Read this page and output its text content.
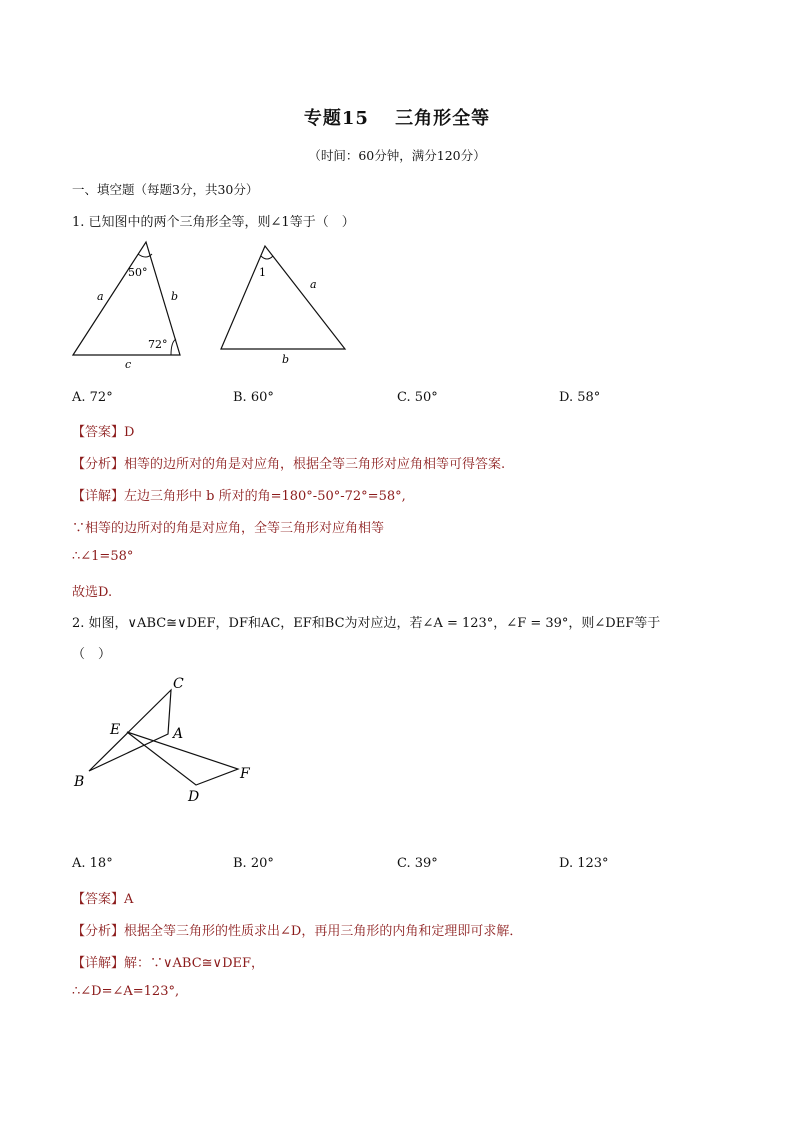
专题15　 三角形全等
（时间：60分钟，满分120分）
一、填空题（每题3分，共30分）
1. 已知图中的两个三角形全等，则∠1等于（　）
50°
72°
a	b
c
1
a
b
A. 72°	B. 60°	C. 50°	D. 58°
【答案】D
【分析】相等的边所对的角是对应角，根据全等三角形对应角相等可得答案.
【详解】左边三角形中 b 所对的角=180°-50°-72°=58°,
∵相等的边所对的角是对应角，全等三角形对应角相等
∴∠1=58°
故选D.
2. 如图，∨ABC≅∨DEF，DF和AC，EF和BC为对应边，若∠A = 123°，∠F = 39°，则∠DEF等于
（　）
C
E	A
B
D
F
A. 18°	B. 20°	C. 39°	D. 123°
【答案】A
【分析】根据全等三角形的性质求出∠D，再用三角形的内角和定理即可求解．
【详解】解：∵∨ABC≅∨DEF，
∴∠D=∠A=123°,
